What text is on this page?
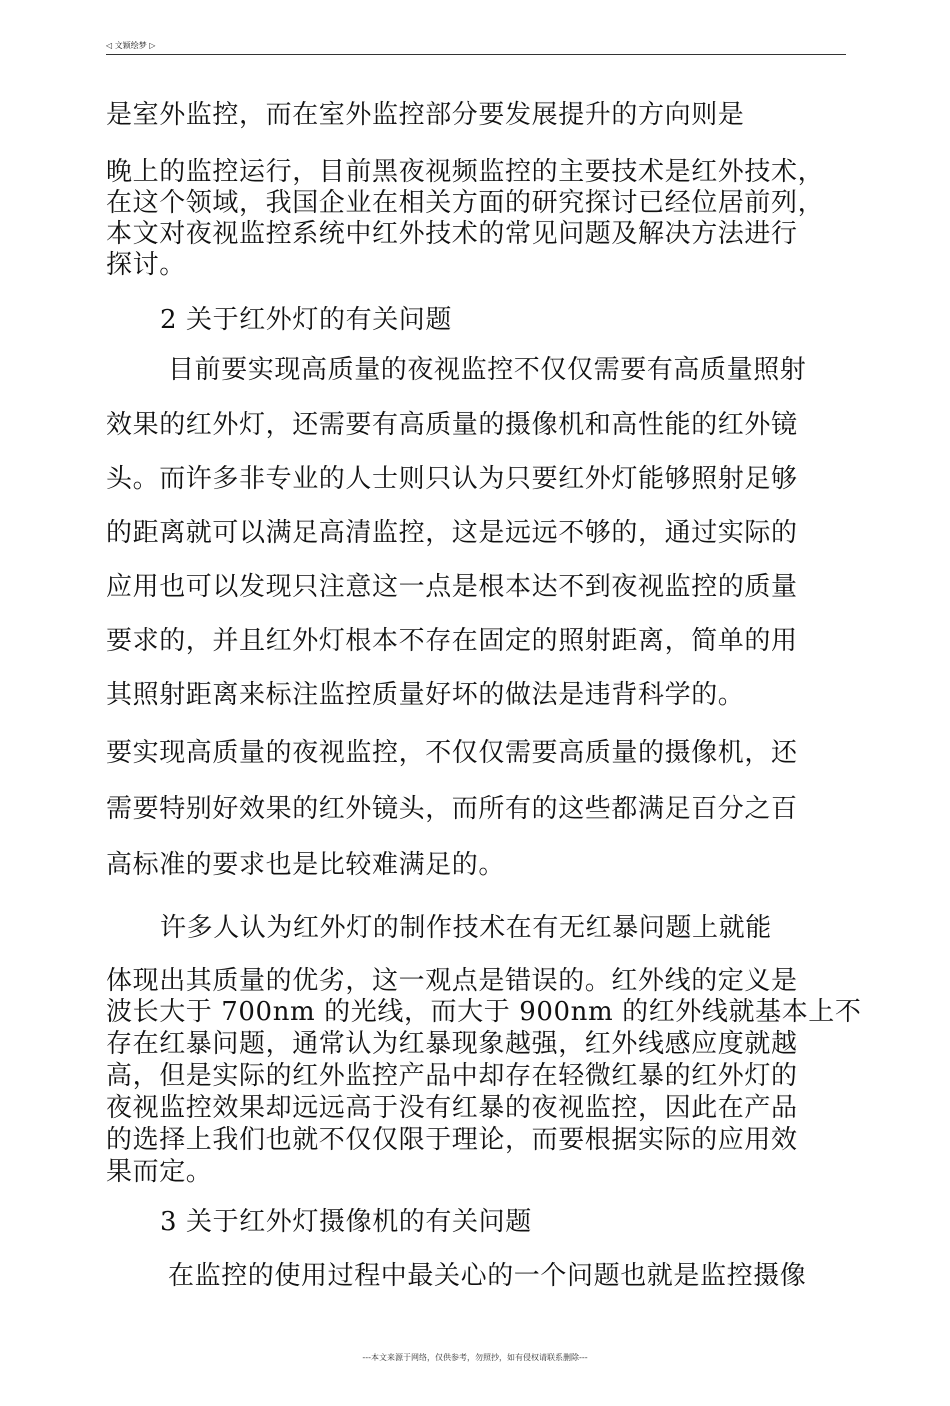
◁ 文颖绘梦 ▷
是室外监控，而在室外监控部分要发展提升的方向则是
晚上的监控运行，目前黑夜视频监控的主要技术是红外技术，
在这个领域，我国企业在相关方面的研究探讨已经位居前列，
本文对夜视监控系统中红外技术的常见问题及解决方法进行
探讨。
2 关于红外灯的有关问题
目前要实现高质量的夜视监控不仅仅需要有高质量照射
效果的红外灯，还需要有高质量的摄像机和高性能的红外镜
头。而许多非专业的人士则只认为只要红外灯能够照射足够
的距离就可以满足高清监控，这是远远不够的，通过实际的
应用也可以发现只注意这一点是根本达不到夜视监控的质量
要求的，并且红外灯根本不存在固定的照射距离，简单的用
其照射距离来标注监控质量好坏的做法是违背科学的。
要实现高质量的夜视监控，不仅仅需要高质量的摄像机，还
需要特别好效果的红外镜头，而所有的这些都满足百分之百
高标准的要求也是比较难满足的。
许多人认为红外灯的制作技术在有无红暴问题上就能
体现出其质量的优劣，这一观点是错误的。红外线的定义是
波长大于 700nm 的光线，而大于 900nm 的红外线就基本上不
存在红暴问题，通常认为红暴现象越强，红外线感应度就越
高，但是实际的红外监控产品中却存在轻微红暴的红外灯的
夜视监控效果却远远高于没有红暴的夜视监控，因此在产品
的选择上我们也就不仅仅限于理论，而要根据实际的应用效
果而定。
3 关于红外灯摄像机的有关问题
在监控的使用过程中最关心的一个问题也就是监控摄像
---本文来源于网络，仅供参考，勿照抄，如有侵权请联系删除---
